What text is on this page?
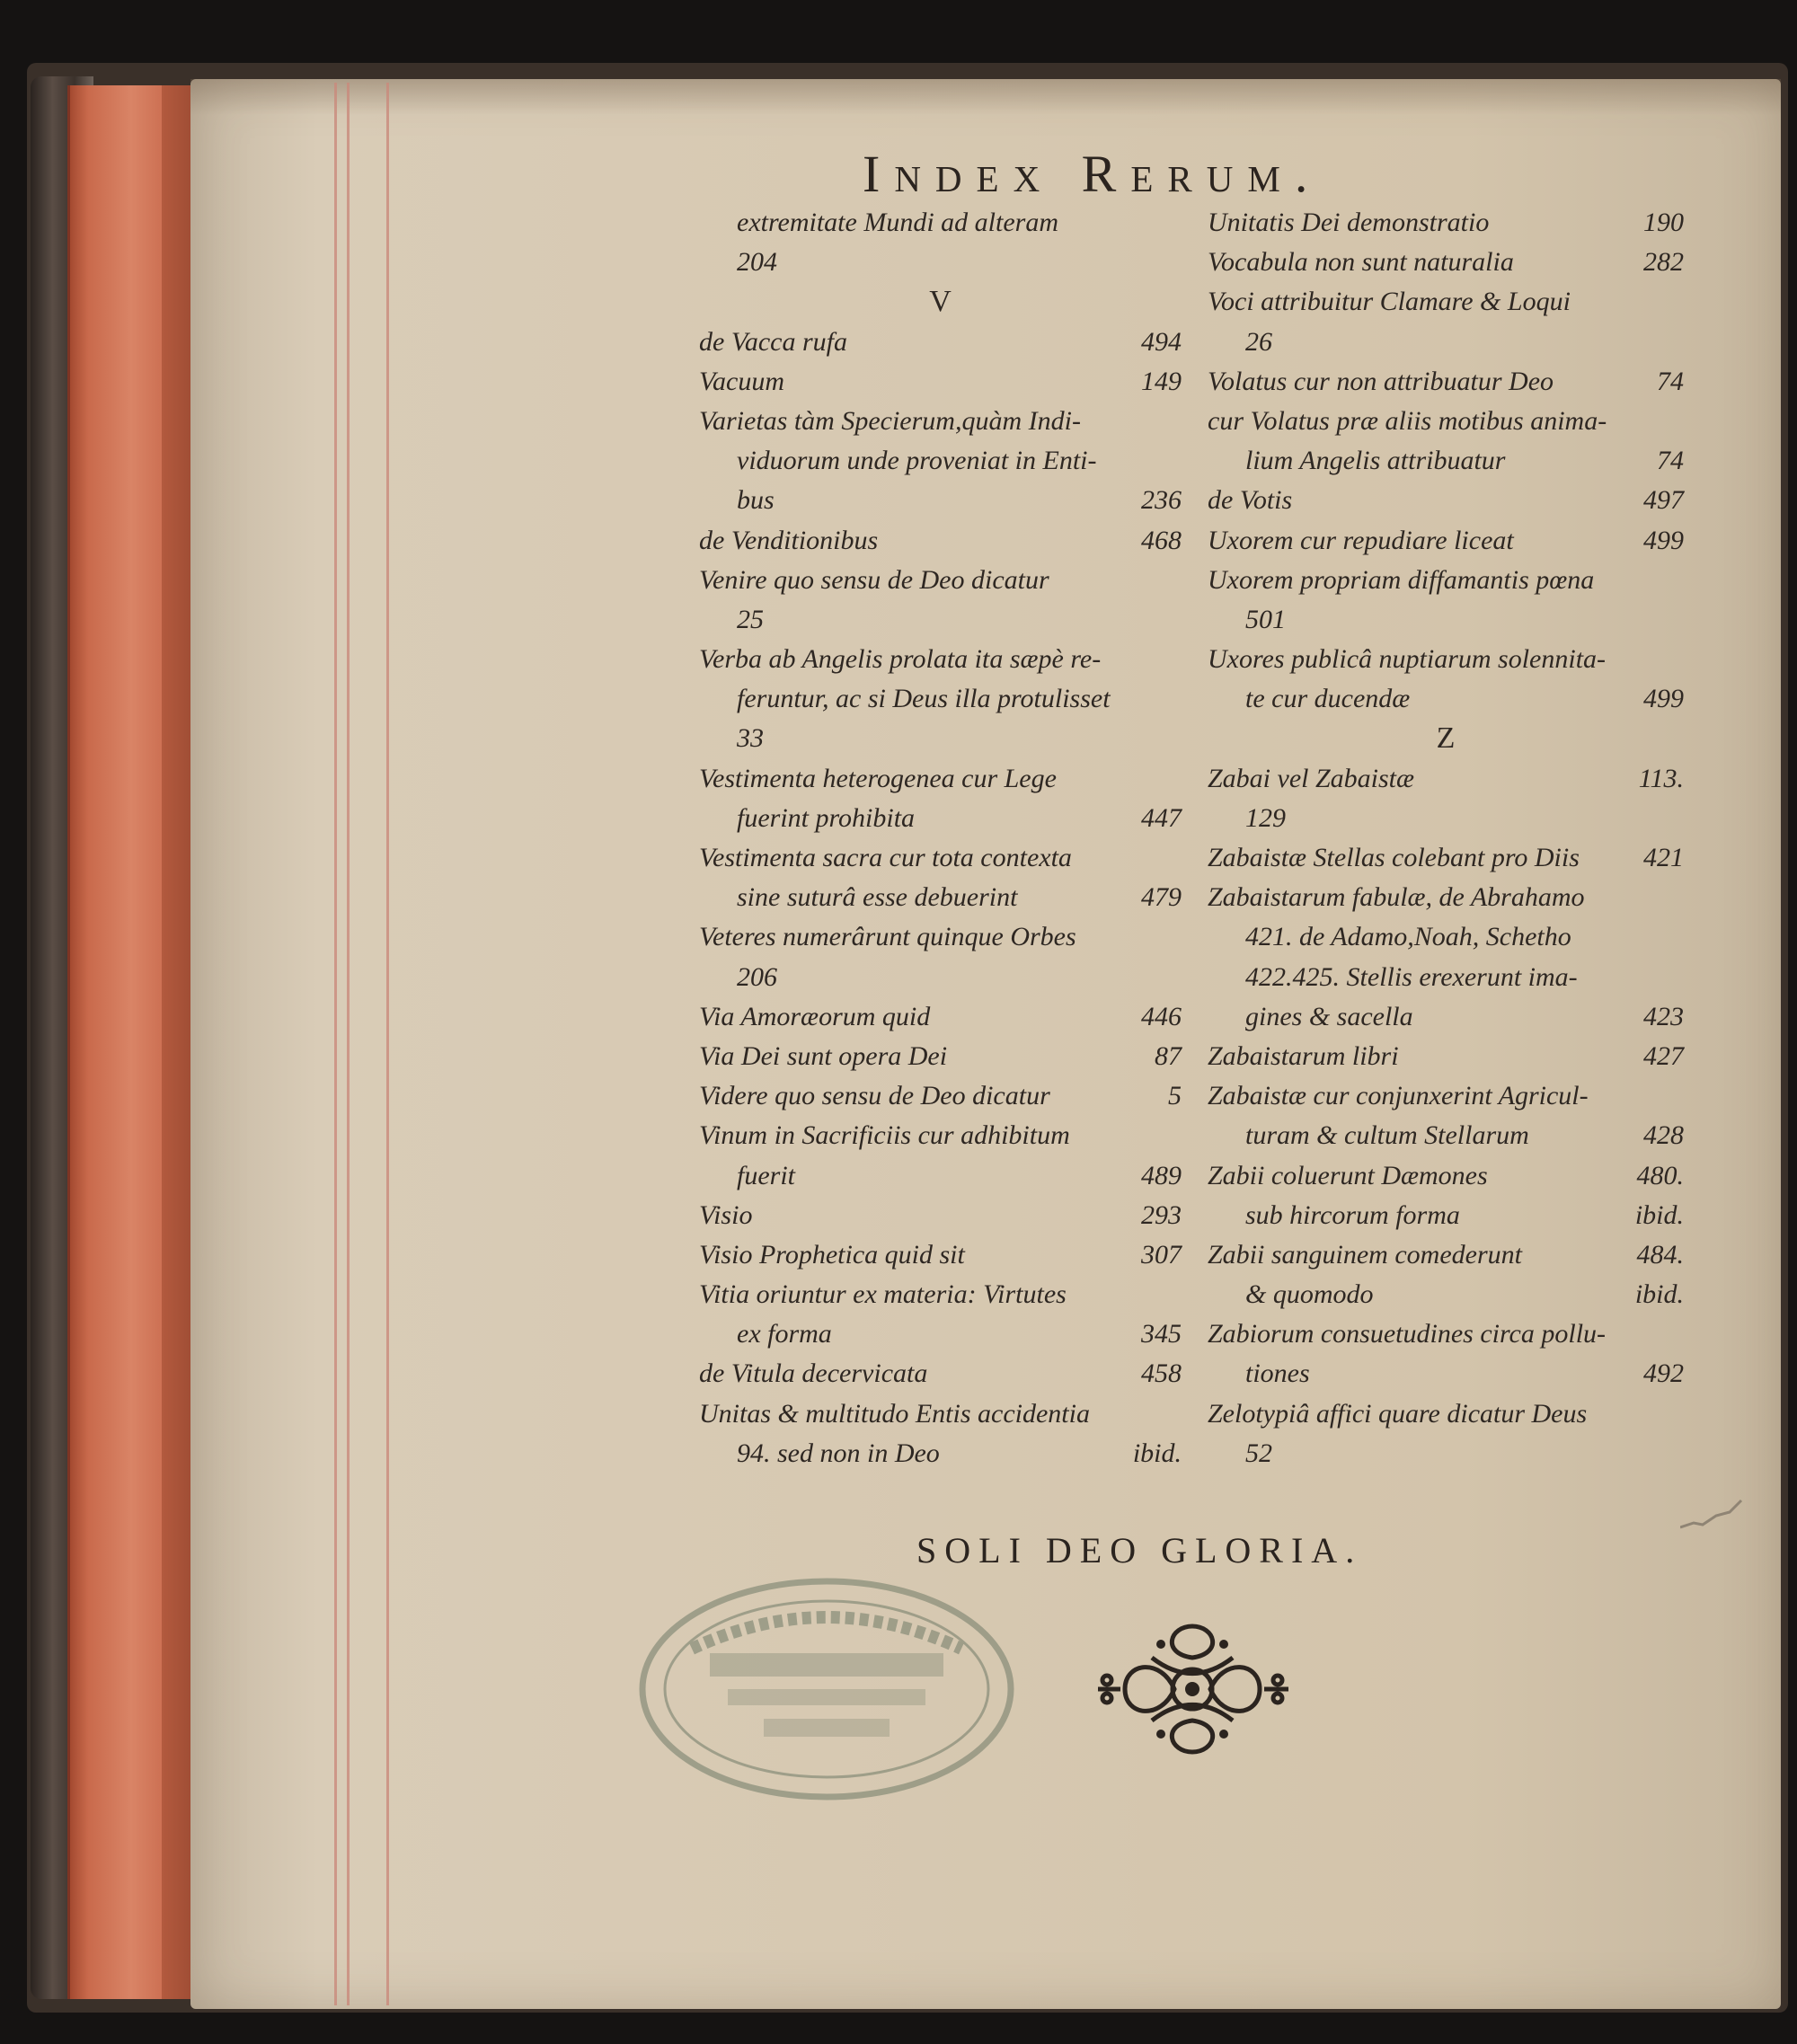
Index Rerum.
extremitate Mundi ad alteram
204
V
de Vacca rufa	494
Vacuum	149
Varietas tàm Specierum,quàm Indi-
viduorum unde proveniat in Enti-
bus	236
de Venditionibus	468
Venire quo sensu de Deo dicatur
25
Verba ab Angelis prolata ita sæpè re-
feruntur, ac si Deus illa protulisset
33
Vestimenta heterogenea cur Lege
fuerint prohibita	447
Vestimenta sacra cur tota contexta
sine suturâ esse debuerint	479
Veteres numerârunt quinque Orbes
206
Via Amoræorum quid	446
Via Dei sunt opera Dei	87
Videre quo sensu de Deo dicatur	5
Vinum in Sacrificiis cur adhibitum
fuerit	489
Visio	293
Visio Prophetica quid sit	307
Vitia oriuntur ex materia: Virtutes
ex forma	345
de Vitula decervicata	458
Unitas & multitudo Entis accidentia
94. sed non in Deo	ibid.
Unitatis Dei demonstratio	190
Vocabula non sunt naturalia	282
Voci attribuitur Clamare & Loqui
26
Volatus cur non attribuatur Deo	74
cur Volatus præ aliis motibus anima-
lium Angelis attribuatur	74
de Votis	497
Uxorem cur repudiare liceat	499
Uxorem propriam diffamantis pœna
501
Uxores publicâ nuptiarum solennita-
te cur ducendæ	499
Z
Zabai vel Zabaistæ	113.
129
Zabaistæ Stellas colebant pro Diis 421
Zabaistarum fabulæ, de Abrahamo
421. de Adamo,Noah, Schetho
422.425. Stellis erexerunt ima-
gines & sacella	423
Zabaistarum libri	427
Zabaistæ cur conjunxerint Agricul-
turam & cultum Stellarum	428
Zabii coluerunt Dæmones	480.
sub hircorum forma	ibid.
Zabii sanguinem comederunt	484.
& quomodo	ibid.
Zabiorum consuetudines circa pollu-
tiones	492
Zelotypiâ affici quare dicatur Deus
52
SOLI DEO GLORIA.
